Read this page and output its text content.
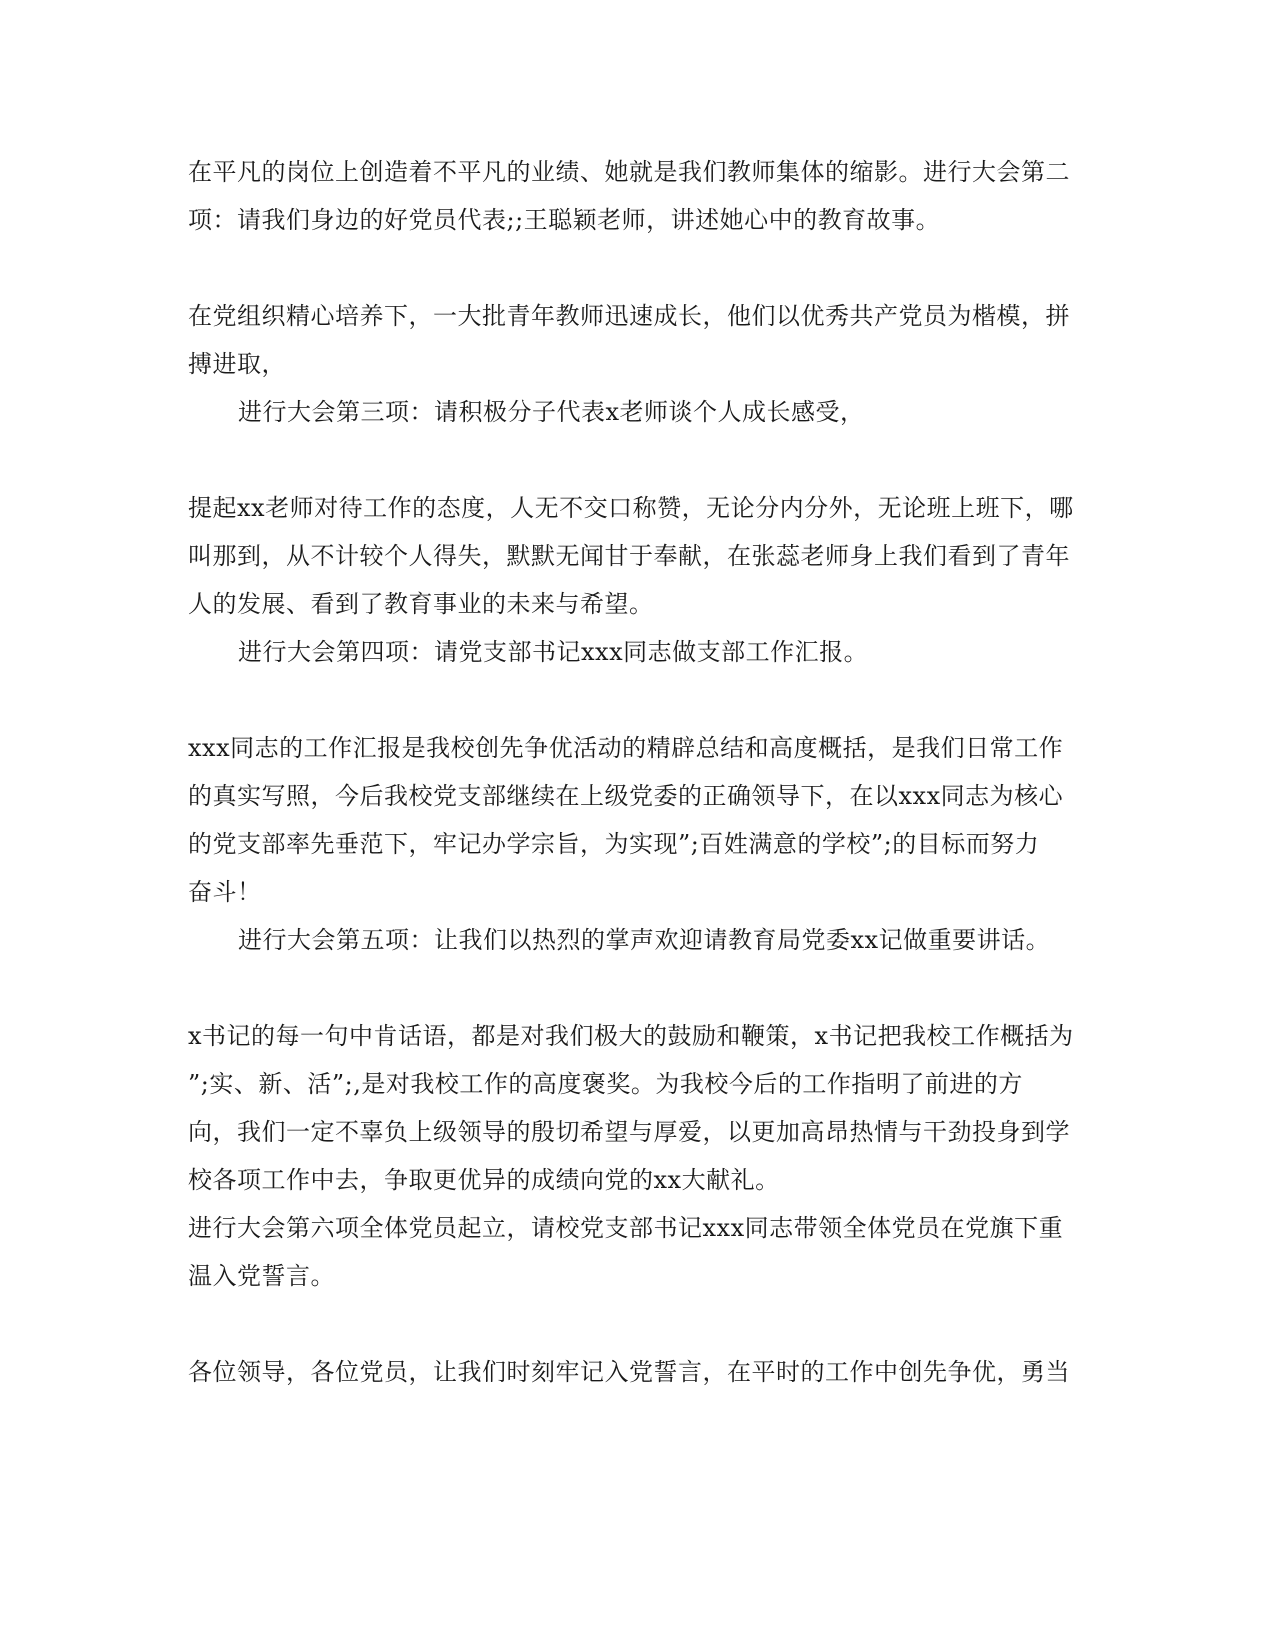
在平凡的岗位上创造着不平凡的业绩、她就是我们教师集体的缩影。进行大会第二
项：请我们身边的好党员代表;;王聪颖老师，讲述她心中的教育故事。
在党组织精心培养下，一大批青年教师迅速成长，他们以优秀共产党员为楷模，拼
搏进取，
进行大会第三项：请积极分子代表x老师谈个人成长感受，
提起xx老师对待工作的态度，人无不交口称赞，无论分内分外，无论班上班下，哪
叫那到，从不计较个人得失，默默无闻甘于奉献，在张蕊老师身上我们看到了青年
人的发展、看到了教育事业的未来与希望。
进行大会第四项：请党支部书记xxx同志做支部工作汇报。
xxx同志的工作汇报是我校创先争优活动的精辟总结和高度概括，是我们日常工作
的真实写照，今后我校党支部继续在上级党委的正确领导下，在以xxx同志为核心
的党支部率先垂范下，牢记办学宗旨，为实现”;百姓满意的学校”;的目标而努力
奋斗！
进行大会第五项：让我们以热烈的掌声欢迎请教育局党委xx记做重要讲话。
x书记的每一句中肯话语，都是对我们极大的鼓励和鞭策，x书记把我校工作概括为
”;实、新、活”;,是对我校工作的高度褒奖。为我校今后的工作指明了前进的方
向，我们一定不辜负上级领导的殷切希望与厚爱，以更加高昂热情与干劲投身到学
校各项工作中去，争取更优异的成绩向党的xx大献礼。
进行大会第六项全体党员起立，请校党支部书记xxx同志带领全体党员在党旗下重
温入党誓言。
各位领导，各位党员，让我们时刻牢记入党誓言，在平时的工作中创先争优，勇当
